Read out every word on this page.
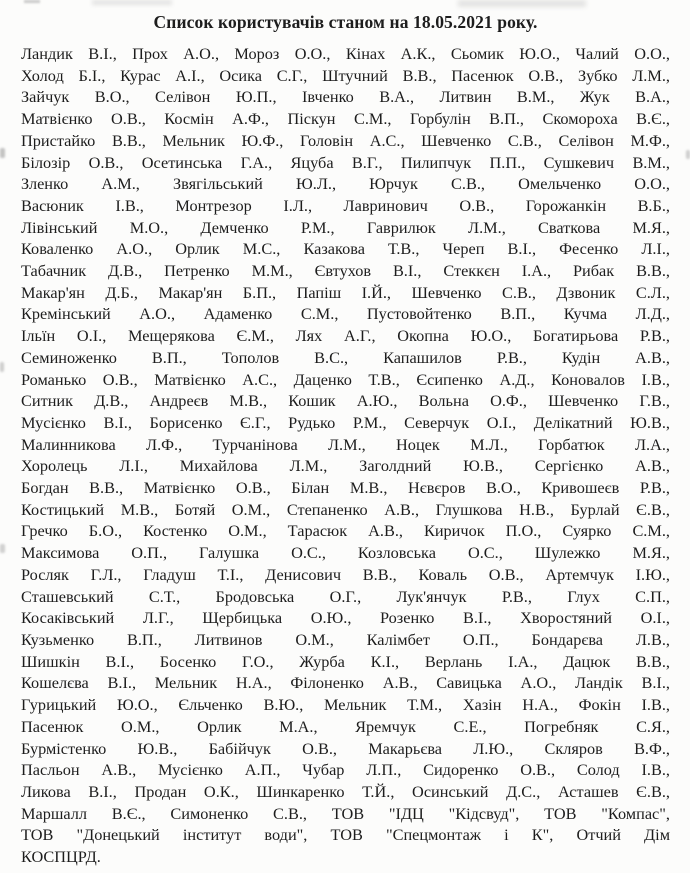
Список користувачів станом на 18.05.2021 року.
Ландик В.І., Прох А.О., Мороз О.О., Кінах А.К., Сьомик Ю.О., Чалий О.О.,
Холод Б.І., Курас А.І., Осика С.Г., Штучний В.В., Пасенюк О.В., Зубко Л.М.,
Зайчук В.О., Селівон Ю.П., Івченко В.А., Литвин В.М., Жук В.А.,
Матвієнко О.В., Космін А.Ф., Піскун С.М., Горбулін В.П., Скомороха В.Є.,
Пристайко В.В., Мельник Ю.Ф., Головін А.С., Шевченко С.В., Селівон М.Ф.,
Білозір О.В., Осетинська Г.А., Яцуба В.Г., Пилипчук П.П., Сушкевич В.М.,
Зленко А.М., Звягільський Ю.Л., Юрчук С.В., Омельченко О.О.,
Васюник І.В., Монтрезор І.Л., Лавринович О.В., Горожанкін В.Б.,
Лівінський М.О., Демченко Р.М., Гаврилюк Л.М., Сваткова М.Я.,
Коваленко А.О., Орлик М.С., Казакова Т.В., Череп В.І., Фесенко Л.І.,
Табачник Д.В., Петренко М.М., Євтухов В.І., Стеккєн І.А., Рибак В.В.,
Макар'ян Д.Б., Макар'ян Б.П., Папіш І.Й., Шевченко С.В., Дзвоник С.Л.,
Кремінський А.О., Адаменко С.М., Пустовойтенко В.П., Кучма Л.Д.,
Ільїн О.І., Мещерякова Є.М., Лях А.Г., Окопна Ю.О., Богатирьова Р.В.,
Семиноженко В.П., Тополов В.С., Капашилов Р.В., Кудін А.В.,
Романько О.В., Матвієнко А.С., Даценко Т.В., Єсипенко А.Д., Коновалов І.В.,
Ситник Д.В., Андреєв М.В., Кошик А.Ю., Вольна О.Ф., Шевченко Г.В.,
Мусієнко В.І., Борисенко Є.Г., Рудько Р.М., Северчук О.І., Делікатний Ю.В.,
Малинникова Л.Ф., Турчанінова Л.М., Ноцек М.Л., Горбатюк Л.А.,
Хоролець Л.І., Михайлова Л.М., Заголдний Ю.В., Сергієнко А.В.,
Богдан В.В., Матвієнко О.В., Білан М.В., Нєвєров В.О., Кривошеєв Р.В.,
Костицький М.В., Ботяй О.М., Степаненко А.В., Глушкова Н.В., Бурлай Є.В.,
Гречко Б.О., Костенко О.М., Тарасюк А.В., Киричок П.О., Суярко С.М.,
Максимова О.П., Галушка О.С., Козловська О.С., Шулежко М.Я.,
Росляк Г.Л., Гладуш Т.І., Денисович В.В., Коваль О.В., Артемчук І.Ю.,
Сташевський С.Т., Бродовська О.Г., Лук'янчук Р.В., Глух С.П.,
Косаківський Л.Г., Щербицька О.Ю., Розенко В.І., Хворостяний О.І.,
Кузьменко В.П., Литвинов О.М., Калімбет О.П., Бондарєва Л.В.,
Шишкін В.І., Босенко Г.О., Журба К.І., Верлань І.А., Дацюк В.В.,
Кошелєва В.І., Мельник Н.А., Філоненко А.В., Савицька А.О., Ландік В.І.,
Гурицький Ю.О., Єльченко В.Ю., Мельник Т.М., Хазін Н.А., Фокін І.В.,
Пасенюк О.М., Орлик М.А., Яремчук С.Е., Погребняк С.Я.,
Бурмістенко Ю.В., Бабійчук О.В., Макарьєва Л.Ю., Скляров В.Ф.,
Пасльон А.В., Мусієнко А.П., Чубар Л.П., Сидоренко О.В., Солод І.В.,
Ликова В.І., Продан О.К., Шинкаренко Т.Й., Осинський Д.С., Асташев Є.В.,
Маршалл В.Є., Симоненко С.В., ТОВ "ІДЦ "Кідсвуд", ТОВ "Компас",
ТОВ "Донецький інститут води", ТОВ "Спецмонтаж і К", Отчий Дім
КОСПЦРД.
